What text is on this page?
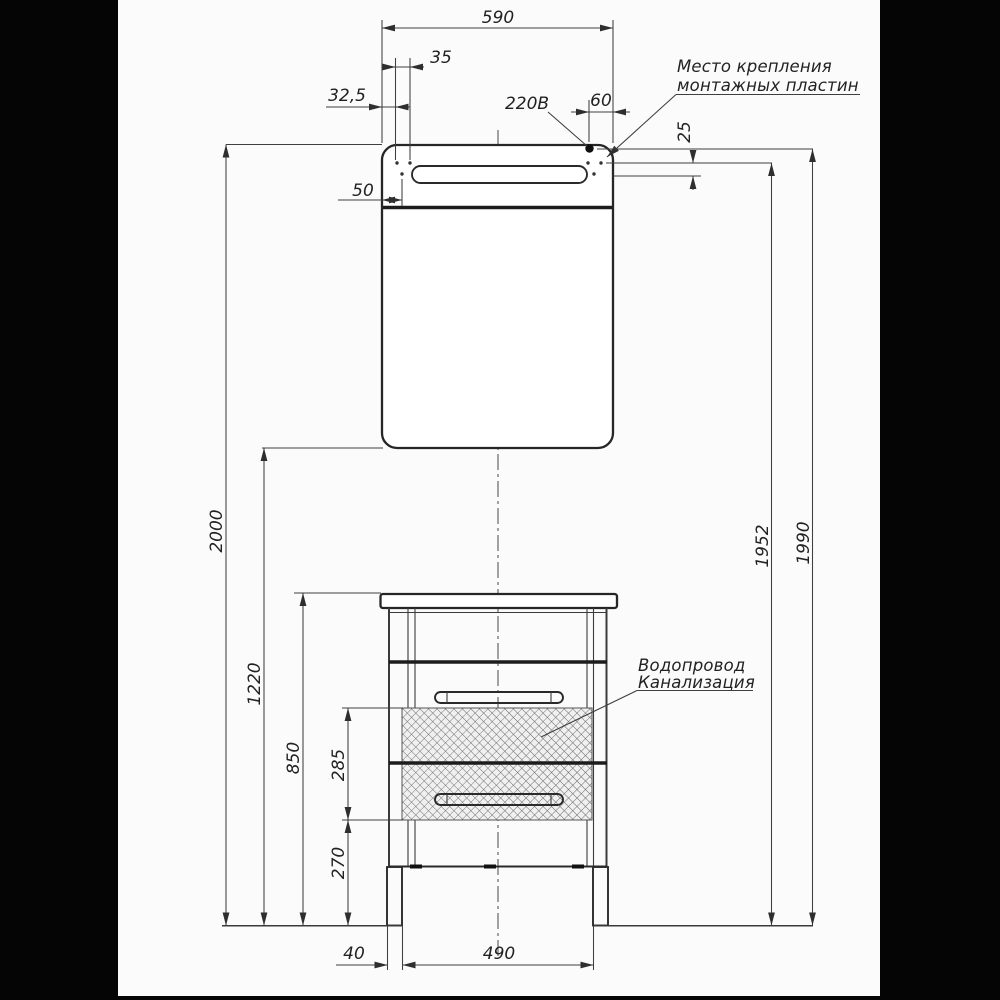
590
35
32,5
50
60
220В
Место крепления
монтажных пластин
25
1990
1952
2000
1220
850 285
270
40	490
Водопровод
Канализация
